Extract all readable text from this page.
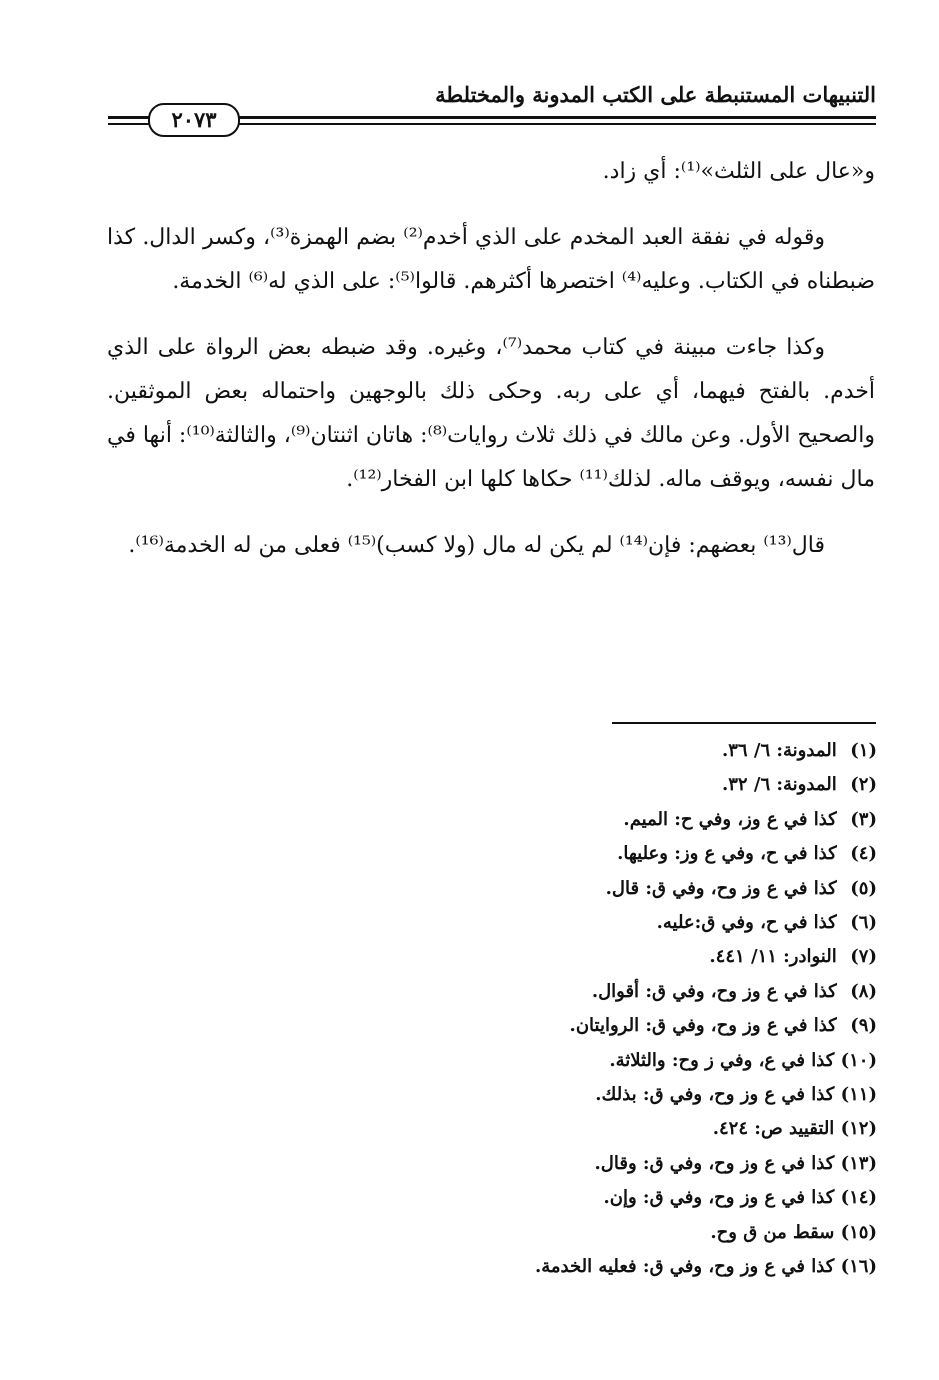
التنبيهات المستنبطة على الكتب المدونة والمختلطة
٢٠٧٣

و«عال على الثلث»⁽¹⁾: أي زاد.

وقوله في نفقة العبد المخدم على الذي أخدم⁽²⁾ بضم الهمزة⁽³⁾، وكسر الدال. كذا ضبطناه في الكتاب. وعليه⁽⁴⁾ اختصرها أكثرهم. قالوا⁽⁵⁾: على الذي له⁽⁶⁾ الخدمة.

وكذا جاءت مبينة في كتاب محمد⁽⁷⁾، وغيره. وقد ضبطه بعض الرواة على الذي أخدم. بالفتح فيهما، أي على ربه. وحكى ذلك بالوجهين واحتماله بعض الموثقين. والصحيح الأول. وعن مالك في ذلك ثلاث روايات⁽⁸⁾: هاتان اثنتان⁽⁹⁾، والثالثة⁽¹⁰⁾: أنها في مال نفسه، ويوقف ماله. لذلك⁽¹¹⁾ حكاها كلها ابن الفخار⁽¹²⁾.

قال⁽¹³⁾ بعضهم: فإن⁽¹⁴⁾ لم يكن له مال (ولا كسب)⁽¹⁵⁾ فعلى من له الخدمة⁽¹⁶⁾.

(١) المدونة: ٦/ ٣٦.
(٢) المدونة: ٦/ ٣٢.
(٣) كذا في ع وز، وفي ح: الميم.
(٤) كذا في ح، وفي ع وز: وعليها.
(٥) كذا في ع وز وح، وفي ق: قال.
(٦) كذا في ح، وفي ق:عليه.
(٧) النوادر: ١١/ ٤٤١.
(٨) كذا في ع وز وح، وفي ق: أقوال.
(٩) كذا في ع وز وح، وفي ق: الروايتان.
(١٠) كذا في ع، وفي ز وح: والثلاثة.
(١١) كذا في ع وز وح، وفي ق: بذلك.
(١٢) التقييد ص: ٤٢٤.
(١٣) كذا في ع وز وح، وفي ق: وقال.
(١٤) كذا في ع وز وح، وفي ق: وإن.
(١٥) سقط من ق وح.
(١٦) كذا في ع وز وح، وفي ق: فعليه الخدمة.
